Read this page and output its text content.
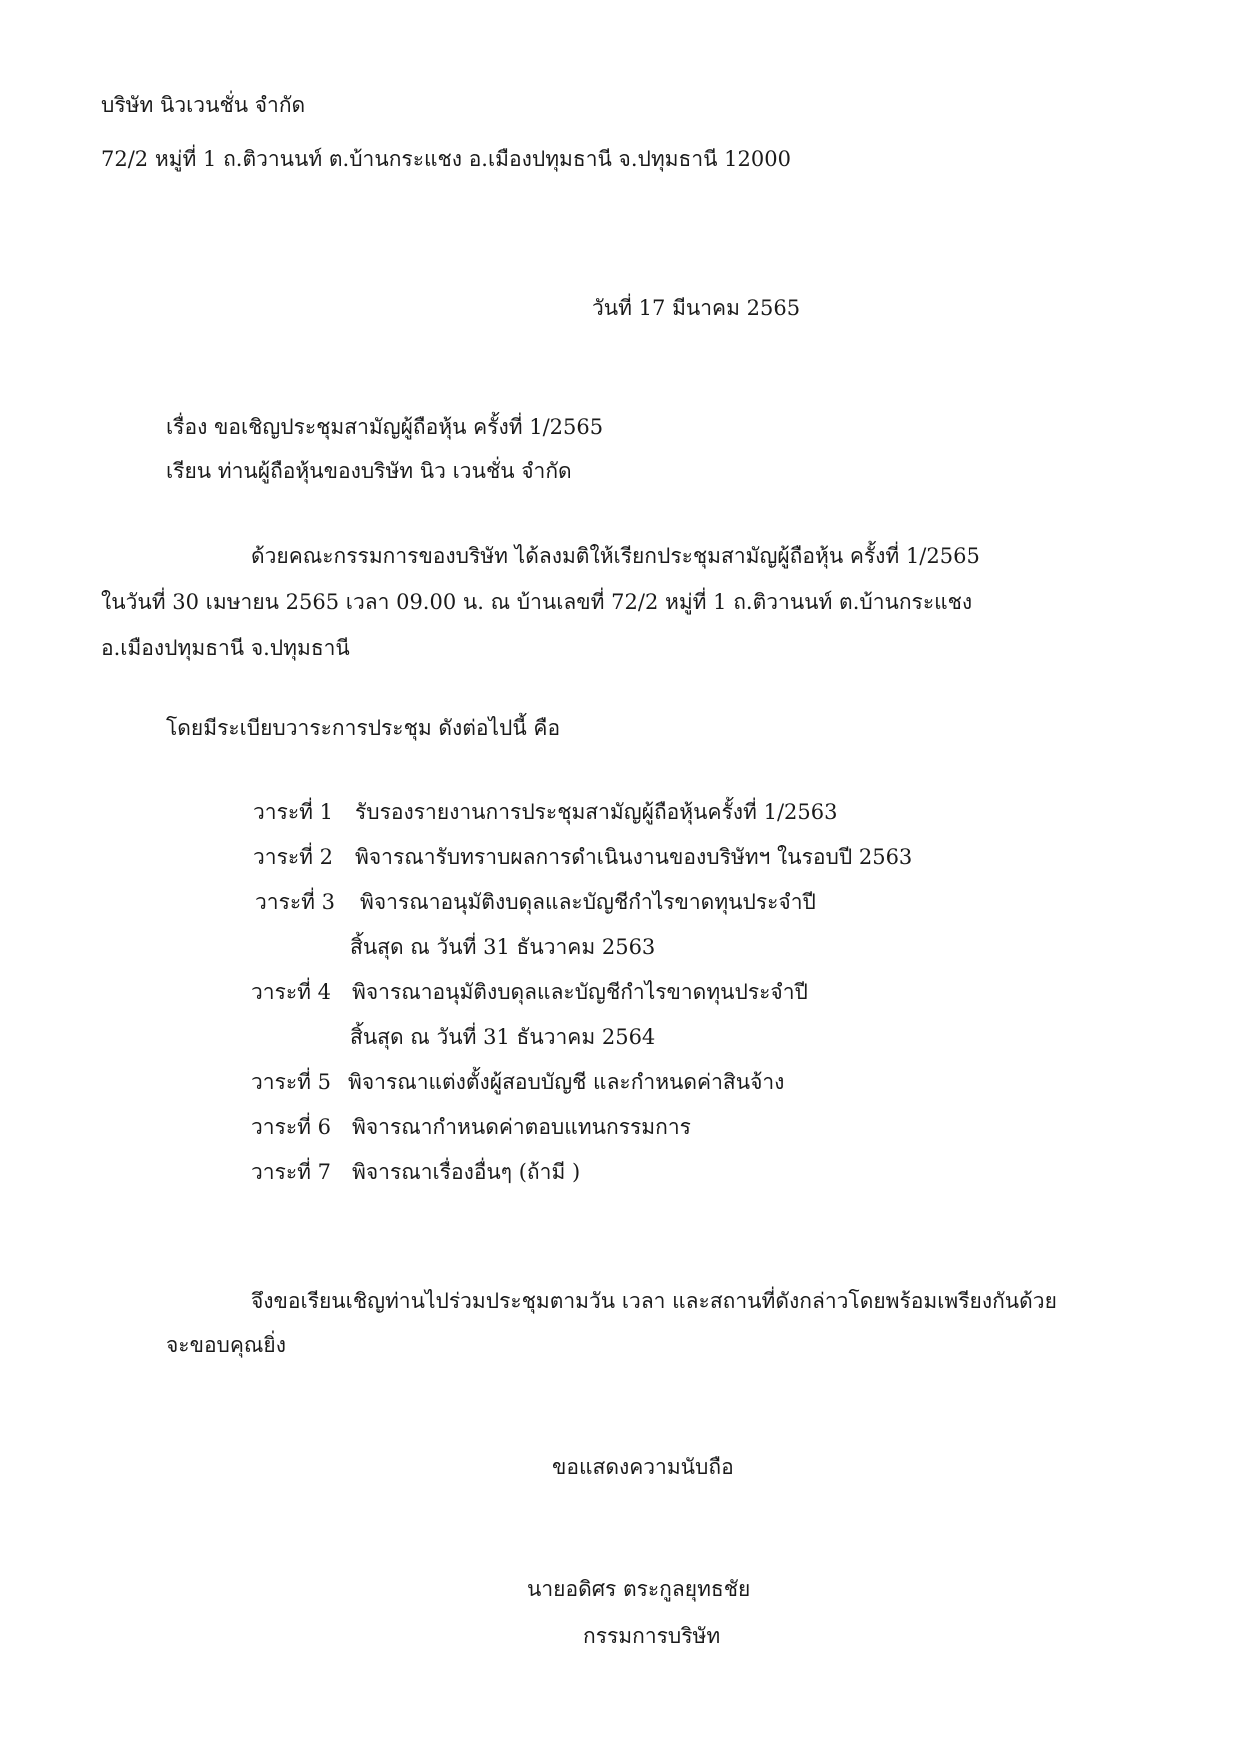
บริษัท นิวเวนชั่น จำกัด
72/2 หมู่ที่ 1 ถ.ติวานนท์ ต.บ้านกระแชง อ.เมืองปทุมธานี จ.ปทุมธานี 12000
วันที่ 17 มีนาคม 2565
เรื่อง ขอเชิญประชุมสามัญผู้ถือหุ้น ครั้งที่ 1/2565
เรียน ท่านผู้ถือหุ้นของบริษัท นิว เวนชั่น จำกัด
ด้วยคณะกรรมการของบริษัท ได้ลงมติให้เรียกประชุมสามัญผู้ถือหุ้น ครั้งที่ 1/2565
ในวันที่ 30 เมษายน 2565 เวลา 09.00 น. ณ บ้านเลขที่ 72/2 หมู่ที่ 1 ถ.ติวานนท์ ต.บ้านกระแชง
อ.เมืองปทุมธานี จ.ปทุมธานี
โดยมีระเบียบวาระการประชุม ดังต่อไปนี้ คือ
วาระที่ 1 รับรองรายงานการประชุมสามัญผู้ถือหุ้นครั้งที่ 1/2563
วาระที่ 2 พิจารณารับทราบผลการดำเนินงานของบริษัทฯ ในรอบปี 2563
วาระที่ 3 พิจารณาอนุมัติงบดุลและบัญชีกำไรขาดทุนประจำปี
สิ้นสุด ณ วันที่ 31 ธันวาคม 2563
วาระที่ 4 พิจารณาอนุมัติงบดุลและบัญชีกำไรขาดทุนประจำปี
สิ้นสุด ณ วันที่ 31 ธันวาคม 2564
วาระที่ 5 พิจารณาแต่งตั้งผู้สอบบัญชี และกำหนดค่าสินจ้าง
วาระที่ 6 พิจารณากำหนดค่าตอบแทนกรรมการ
วาระที่ 7 พิจารณาเรื่องอื่นๆ (ถ้ามี )
จึงขอเรียนเชิญท่านไปร่วมประชุมตามวัน เวลา และสถานที่ดังกล่าวโดยพร้อมเพรียงกันด้วย
จะขอบคุณยิ่ง
ขอแสดงความนับถือ
นายอดิศร ตระกูลยุทธชัย
กรรมการบริษัท
